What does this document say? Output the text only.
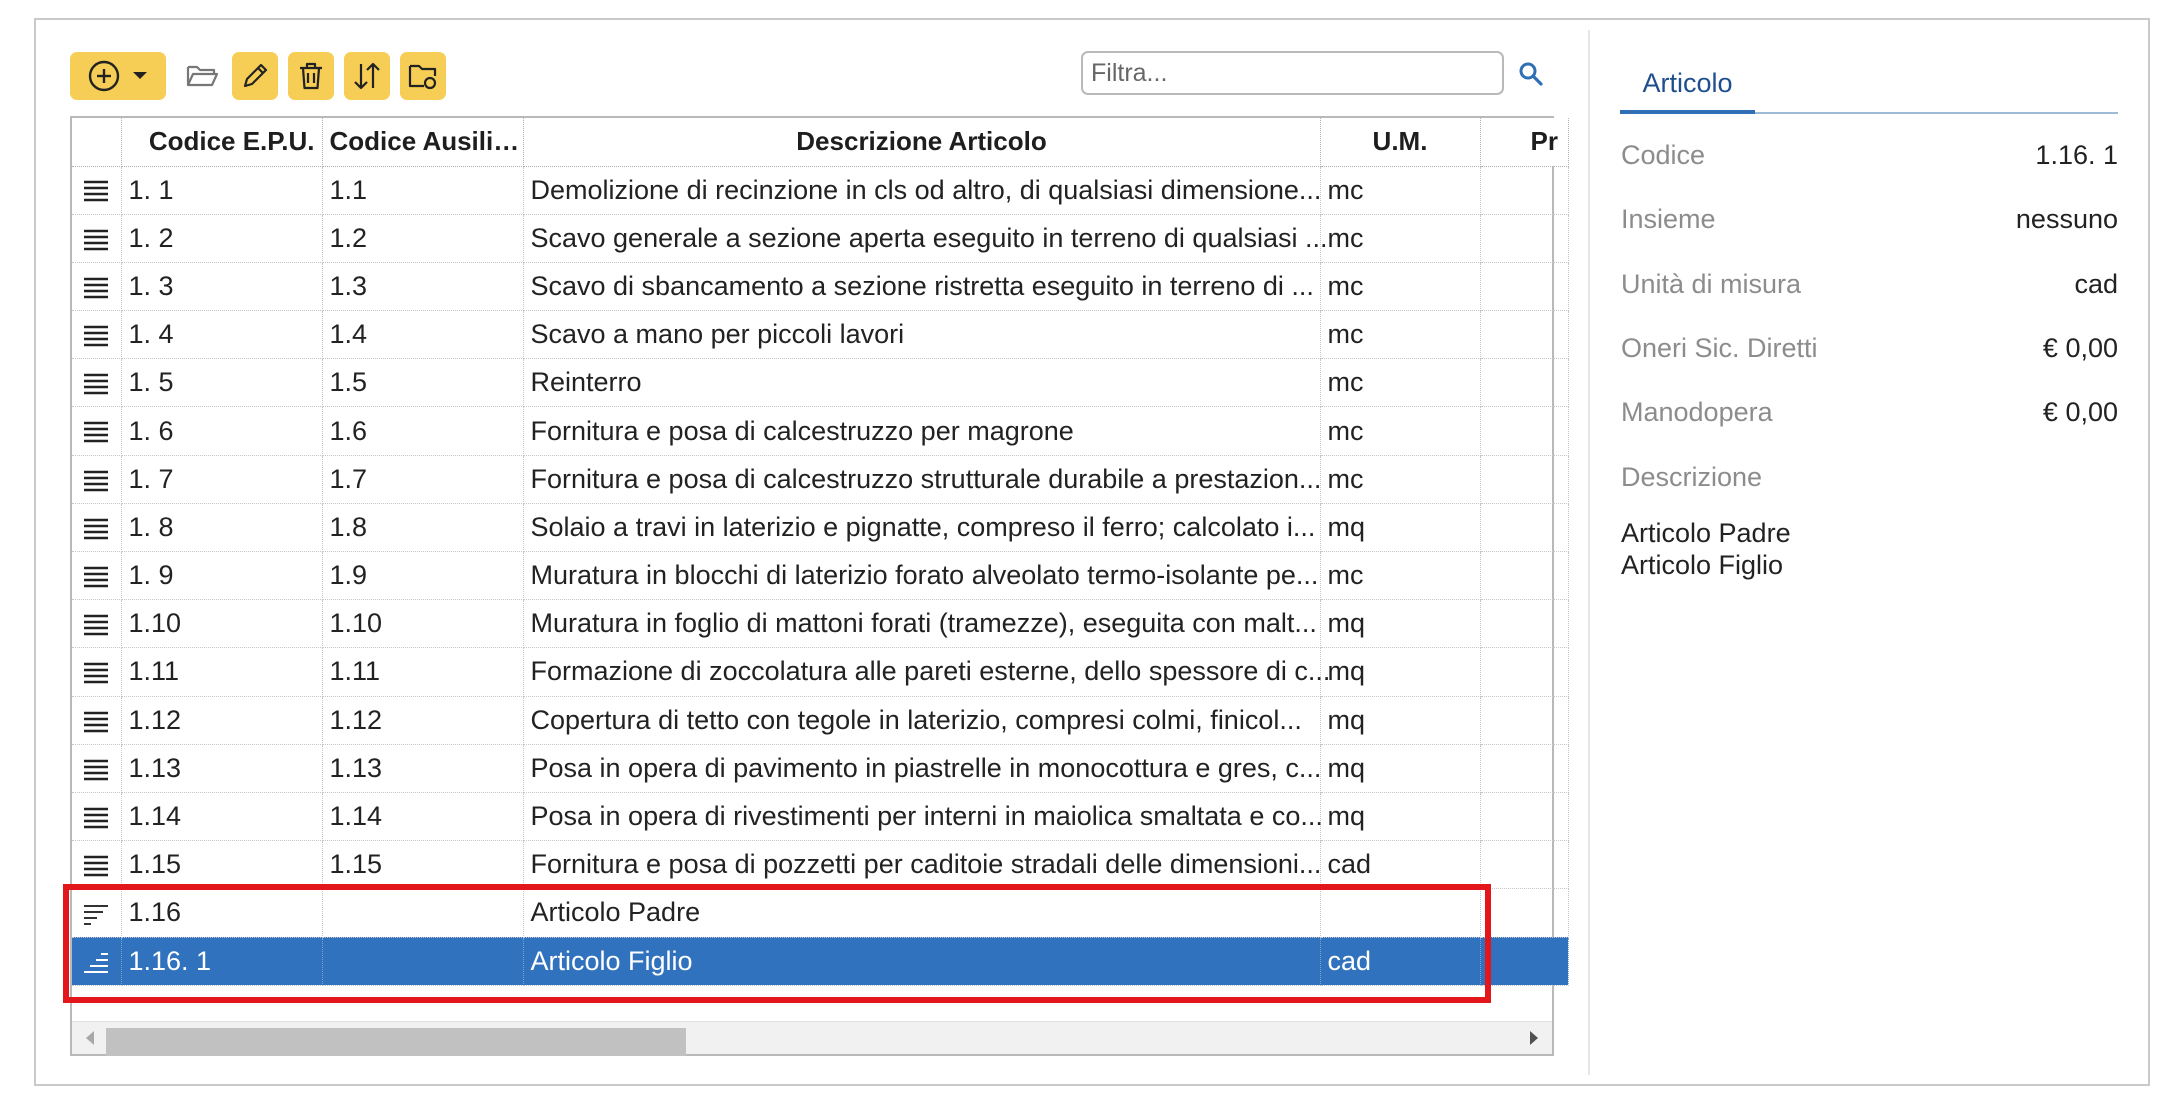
Filtra...
	Codice E.P.U.	Codice Ausili…	Descrizione Articolo	U.M.	Pr

	1. 1	1.1	Demolizione di recinzione in cls od altro, di qualsiasi dimensione...	mc	

	1. 2	1.2	Scavo generale a sezione aperta eseguito in terreno di qualsiasi ...	mc	

	1. 3	1.3	Scavo di sbancamento a sezione ristretta eseguito in terreno di ...	mc	

	1. 4	1.4	Scavo a mano per piccoli lavori	mc	

	1. 5	1.5	Reinterro	mc	

	1. 6	1.6	Fornitura e posa di calcestruzzo per magrone	mc	

	1. 7	1.7	Fornitura e posa di calcestruzzo strutturale durabile a prestazion...	mc	

	1. 8	1.8	Solaio a travi in laterizio e pignatte, compreso il ferro; calcolato i...	mq	

	1. 9	1.9	Muratura in blocchi di laterizio forato alveolato termo-isolante pe...	mc	

	1.10	1.10	Muratura in foglio di mattoni forati (tramezze), eseguita con malt...	mq	

	1.11	1.11	Formazione di zoccolatura alle pareti esterne, dello spessore di c...	mq	

	1.12	1.12	Copertura di tetto con tegole in laterizio, compresi colmi, finicol...	mq	

	1.13	1.13	Posa in opera di pavimento in piastrelle in monocottura e gres, c...	mq	

	1.14	1.14	Posa in opera di rivestimenti per interni in maiolica smaltata e co...	mq	

	1.15	1.15	Fornitura e posa di pozzetti per caditoie stradali delle dimensioni...	cad	

	1.16		Articolo Padre		

	1.16. 1		Articolo Figlio	cad	
Articolo
Codice	1.16. 1
Insieme	nessuno
Unità di misura	cad
Oneri Sic. Diretti	€ 0,00
Manodopera	€ 0,00
Descrizione
Articolo Padre
Articolo Figlio
